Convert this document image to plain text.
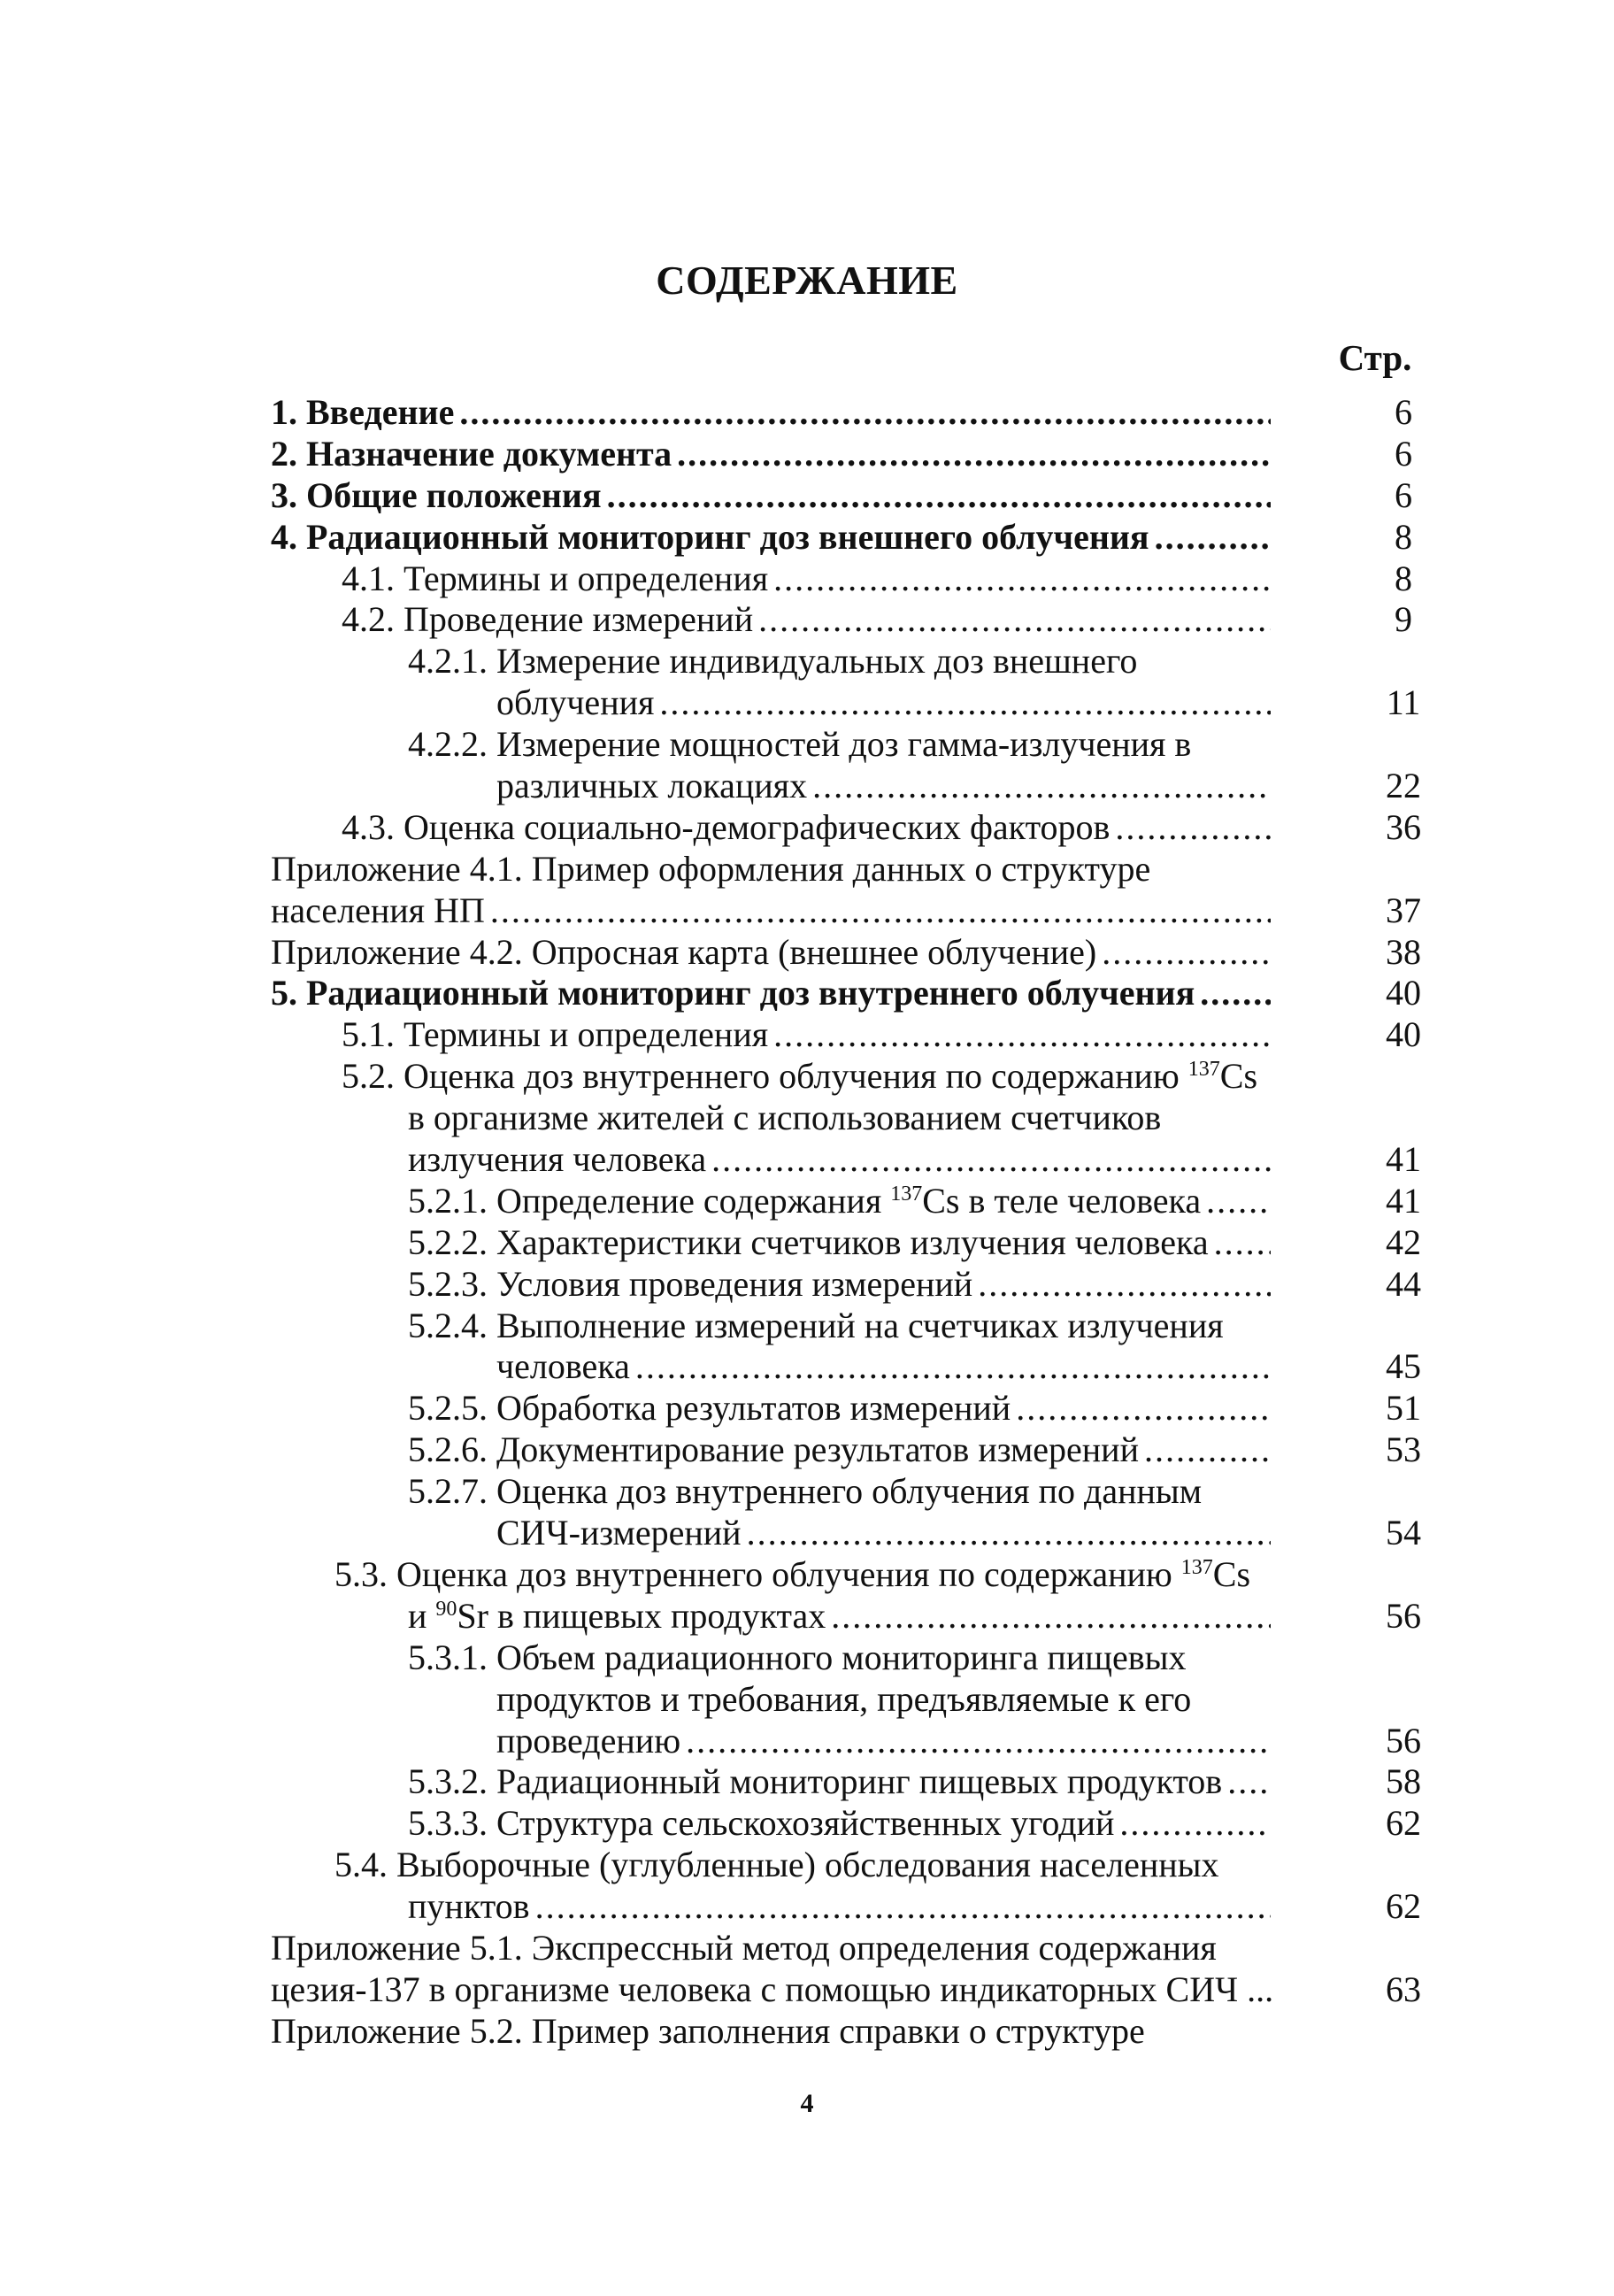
СОДЕРЖАНИЕ
Стр.
1. Введение .....	6
2. Назначение документа .....	6
3. Общие положения .....	6
4. Радиационный мониторинг доз внешнего облучения .....	8
4.1. Термины и определения .....	8
4.2. Проведение измерений .....	9
4.2.1. Измерение индивидуальных доз внешнего
облучения .....	11
4.2.2. Измерение мощностей доз гамма-излучения в
различных локациях .....	22
4.3. Оценка социально-демографических факторов .....	36
Приложение 4.1. Пример оформления данных о структуре
населения НП .....	37
Приложение 4.2. Опросная карта (внешнее облучение) .....	38
5. Радиационный мониторинг доз внутреннего облучения .....	40
5.1. Термины и определения .....	40
5.2. Оценка доз внутреннего облучения по содержанию $^{137}$Cs
в организме жителей с использованием счетчиков
излучения человека .....	41
5.2.1. Определение содержания $^{137}$Cs в теле человека .....	41
5.2.2. Характеристики счетчиков излучения человека .....	42
5.2.3. Условия проведения измерений .....	44
5.2.4. Выполнение измерений на счетчиках излучения
человека .....	45
5.2.5. Обработка результатов измерений .....	51
5.2.6. Документирование результатов измерений .....	53
5.2.7. Оценка доз внутреннего облучения по данным
СИЧ-измерений .....	54
5.3. Оценка доз внутреннего облучения по содержанию $^{137}$Cs
и $^{90}$Sr в пищевых продуктах .....	56
5.3.1. Объем радиационного мониторинга пищевых
продуктов и требования, предъявляемые к его
проведению .....	56
5.3.2. Радиационный мониторинг пищевых продуктов .....	58
5.3.3. Структура сельскохозяйственных угодий .....	62
5.4. Выборочные (углубленные) обследования населенных
пунктов .....	62
Приложение 5.1. Экспрессный метод определения содержания
цезия-137 в организме человека с помощью индикаторных СИЧ ...	63
Приложение 5.2. Пример заполнения справки о структуре
4
